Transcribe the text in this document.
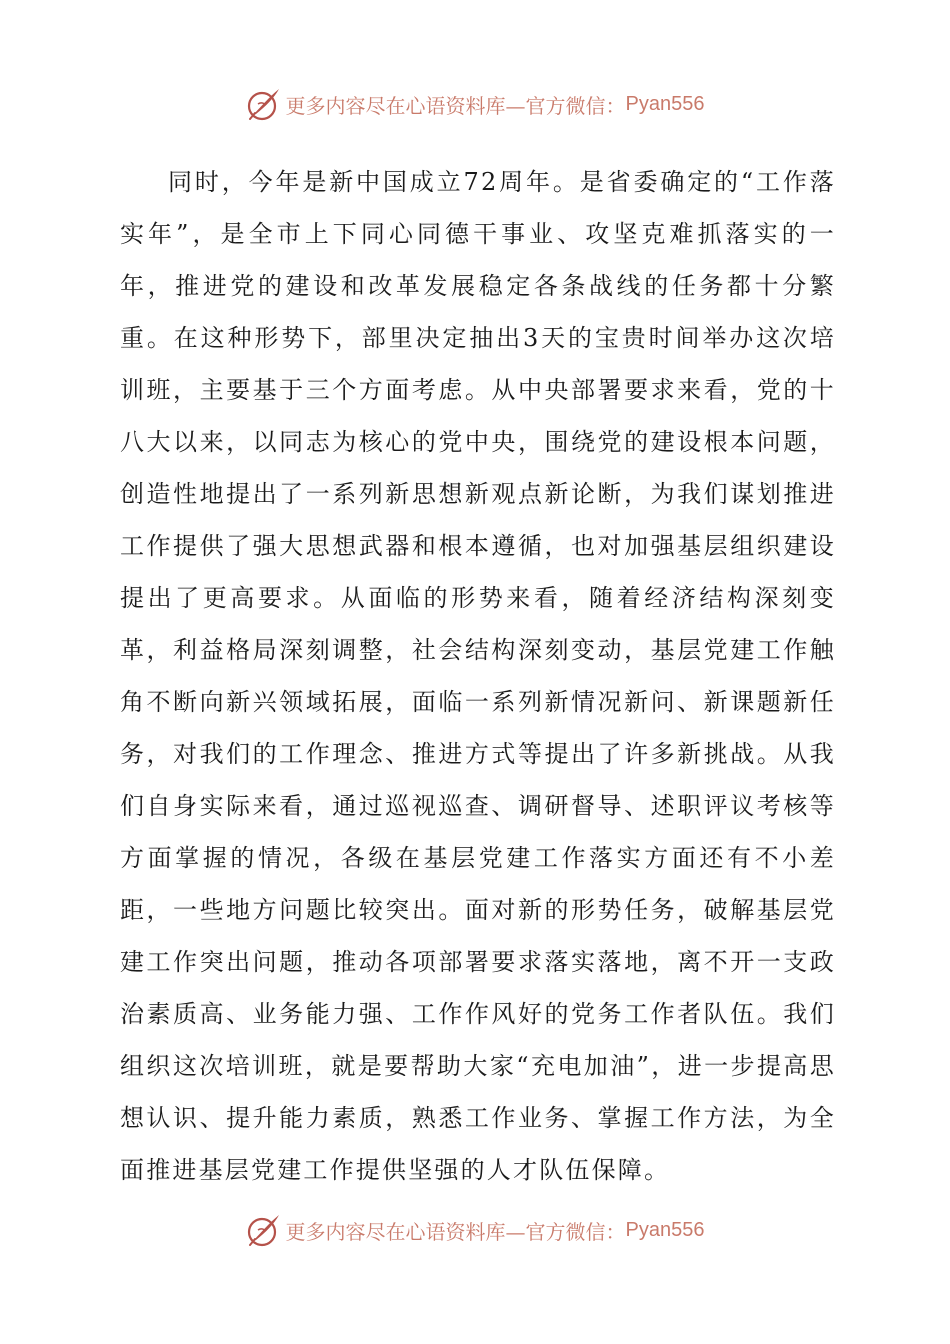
更多内容尽在心语资料库—官方微信： Pyan556

同时，今年是新中国成立72周年。是省委确定的“工作落实年”，是全市上下同心同德干事业、攻坚克难抓落实的一年，推进党的建设和改革发展稳定各条战线的任务都十分繁重。在这种形势下，部里决定抽出3天的宝贵时间举办这次培训班，主要基于三个方面考虑。从中央部署要求来看，党的十八大以来，以同志为核心的党中央，围绕党的建设根本问题，创造性地提出了一系列新思想新观点新论断，为我们谋划推进工作提供了强大思想武器和根本遵循，也对加强基层组织建设提出了更高要求。从面临的形势来看，随着经济结构深刻变革，利益格局深刻调整，社会结构深刻变动，基层党建工作触角不断向新兴领域拓展，面临一系列新情况新问、新课题新任务，对我们的工作理念、推进方式等提出了许多新挑战。从我们自身实际来看，通过巡视巡查、调研督导、述职评议考核等方面掌握的情况，各级在基层党建工作落实方面还有不小差距，一些地方问题比较突出。面对新的形势任务，破解基层党建工作突出问题，推动各项部署要求落实落地，离不开一支政治素质高、业务能力强、工作作风好的党务工作者队伍。我们组织这次培训班，就是要帮助大家“充电加油”，进一步提高思想认识、提升能力素质，熟悉工作业务、掌握工作方法，为全面推进基层党建工作提供坚强的人才队伍保障。

更多内容尽在心语资料库—官方微信： Pyan556
